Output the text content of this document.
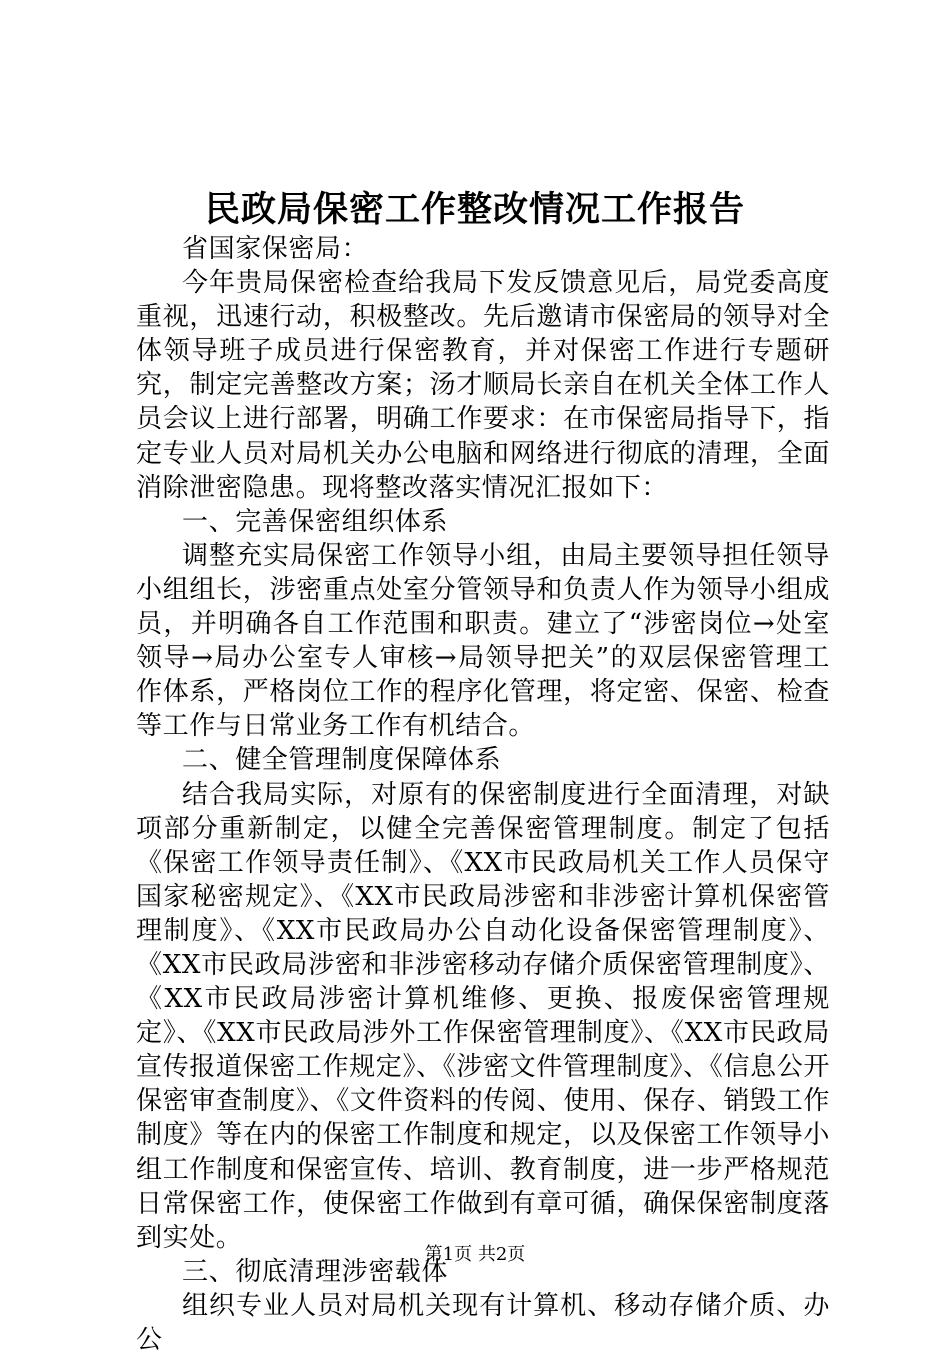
民政局保密工作整改情况工作报告

省国家保密局：

今年贵局保密检查给我局下发反馈意见后，局党委高度重视，迅速行动，积极整改。先后邀请市保密局的领导对全体领导班子成员进行保密教育，并对保密工作进行专题研究，制定完善整改方案；汤才顺局长亲自在机关全体工作人员会议上进行部署，明确工作要求：在市保密局指导下，指定专业人员对局机关办公电脑和网络进行彻底的清理，全面消除泄密隐患。现将整改落实情况汇报如下：

一、完善保密组织体系

调整充实局保密工作领导小组，由局主要领导担任领导小组组长，涉密重点处室分管领导和负责人作为领导小组成员，并明确各自工作范围和职责。建立了“涉密岗位→处室领导→局办公室专人审核→局领导把关”的双层保密管理工作体系，严格岗位工作的程序化管理，将定密、保密、检查等工作与日常业务工作有机结合。

二、健全管理制度保障体系

结合我局实际，对原有的保密制度进行全面清理，对缺项部分重新制定，以健全完善保密管理制度。制定了包括《保密工作领导责任制》、《XX市民政局机关工作人员保守国家秘密规定》、《XX市民政局涉密和非涉密计算机保密管理制度》、《XX市民政局办公自动化设备保密管理制度》、《XX市民政局涉密和非涉密移动存储介质保密管理制度》、《XX市民政局涉密计算机维修、更换、报废保密管理规定》、《XX市民政局涉外工作保密管理制度》、《XX市民政局宣传报道保密工作规定》、《涉密文件管理制度》、《信息公开保密审查制度》、《文件资料的传阅、使用、保存、销毁工作制度》等在内的保密工作制度和规定，以及保密工作领导小组工作制度和保密宣传、培训、教育制度，进一步严格规范日常保密工作，使保密工作做到有章可循，确保保密制度落到实处。

三、彻底清理涉密载体

组织专业人员对局机关现有计算机、移动存储介质、办公

第1页 共2页
